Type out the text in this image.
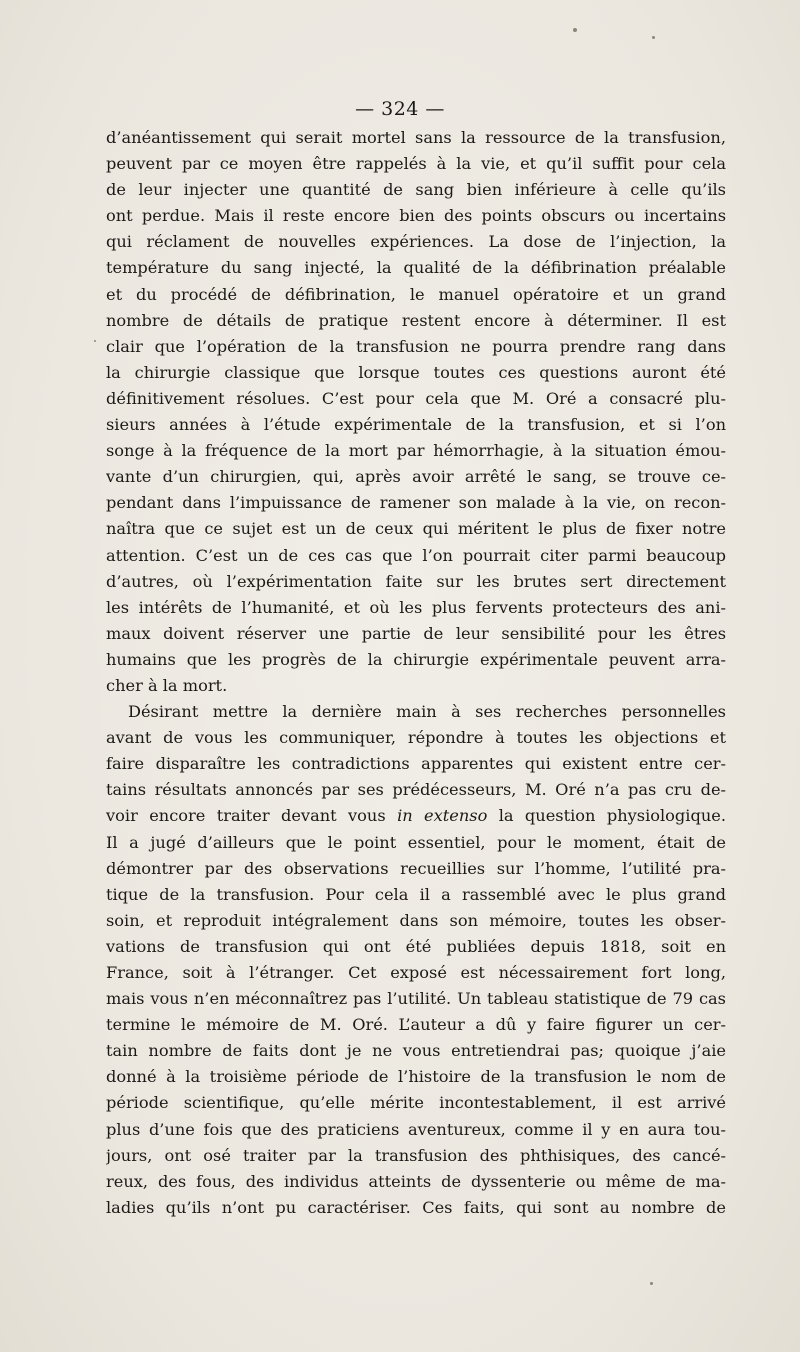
— 324 —
d’anéantissement qui serait mortel sans la ressource de la transfusion,
peuvent par ce moyen être rappelés à la vie, et qu’il suffit pour cela
de leur injecter une quantité de sang bien inférieure à celle qu’ils
ont perdue. Mais il reste encore bien des points obscurs ou incertains
qui réclament de nouvelles expériences. La dose de l’injection, la
température du sang injecté, la qualité de la défibrination préalable
et du procédé de défibrination, le manuel opératoire et un grand
nombre de détails de pratique restent encore à déterminer. Il est
clair que l’opération de la transfusion ne pourra prendre rang dans
la chirurgie classique que lorsque toutes ces questions auront été
définitivement résolues. C’est pour cela que M. Oré a consacré plu-
sieurs années à l’étude expérimentale de la transfusion, et si l’on
songe à la fréquence de la mort par hémorrhagie, à la situation émou-
vante d’un chirurgien, qui, après avoir arrêté le sang, se trouve ce-
pendant dans l’impuissance de ramener son malade à la vie, on recon-
naîtra que ce sujet est un de ceux qui méritent le plus de fixer notre
attention. C’est un de ces cas que l’on pourrait citer parmi beaucoup
d’autres, où l’expérimentation faite sur les brutes sert directement
les intérêts de l’humanité, et où les plus fervents protecteurs des ani-
maux doivent réserver une partie de leur sensibilité pour les êtres
humains que les progrès de la chirurgie expérimentale peuvent arra-
cher à la mort.
Désirant mettre la dernière main à ses recherches personnelles
avant de vous les communiquer, répondre à toutes les objections et
faire disparaître les contradictions apparentes qui existent entre cer-
tains résultats annoncés par ses prédécesseurs, M. Oré n’a pas cru de-
voir encore traiter devant vous in extenso la question physiologique.
Il a jugé d’ailleurs que le point essentiel, pour le moment, était de
démontrer par des observations recueillies sur l’homme, l’utilité pra-
tique de la transfusion. Pour cela il a rassemblé avec le plus grand
soin, et reproduit intégralement dans son mémoire, toutes les obser-
vations de transfusion qui ont été publiées depuis 1818, soit en
France, soit à l’étranger. Cet exposé est nécessairement fort long,
mais vous n’en méconnaîtrez pas l’utilité. Un tableau statistique de 79 cas
termine le mémoire de M. Oré. L’auteur a dû y faire figurer un cer-
tain nombre de faits dont je ne vous entretiendrai pas; quoique j’aie
donné à la troisième période de l’histoire de la transfusion le nom de
période scientifique, qu’elle mérite incontestablement, il est arrivé
plus d’une fois que des praticiens aventureux, comme il y en aura tou-
jours, ont osé traiter par la transfusion des phthisiques, des cancé-
reux, des fous, des individus atteints de dyssenterie ou même de ma-
ladies qu’ils n’ont pu caractériser. Ces faits, qui sont au nombre de
